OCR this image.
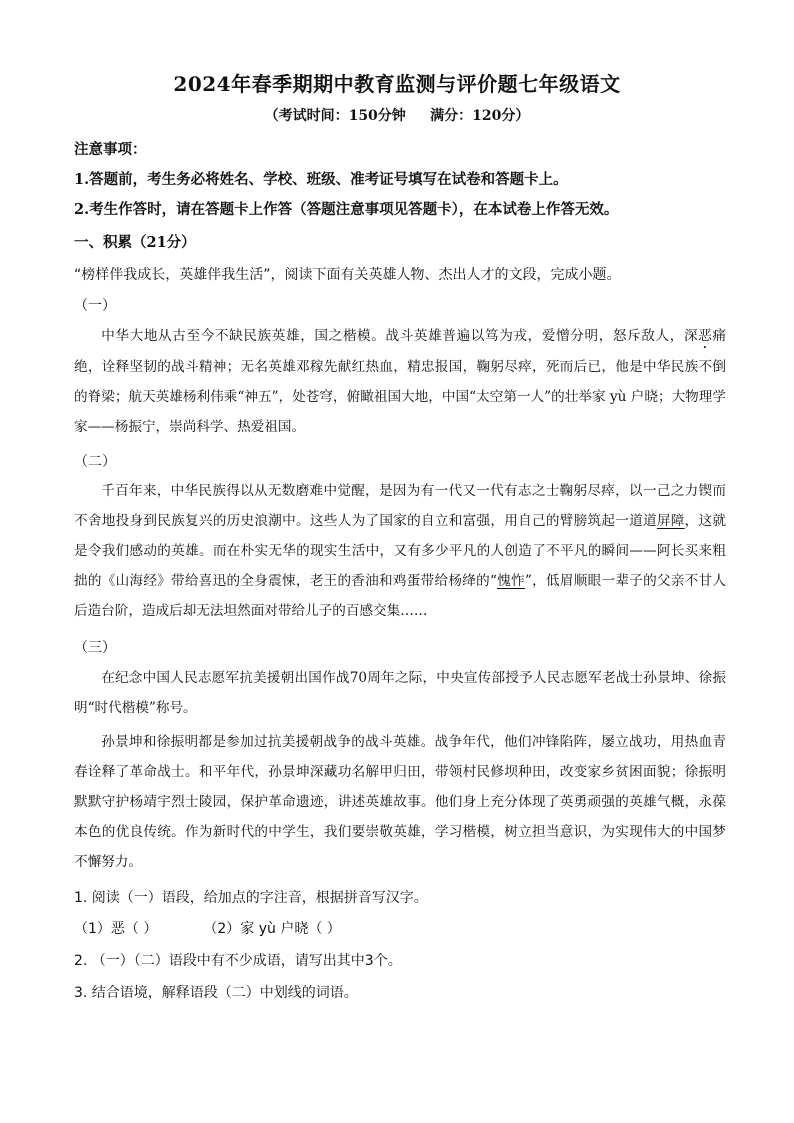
2024年春季期期中教育监测与评价题七年级语文
（考试时间：150分钟     满分：120分）
注意事项：
1.答题前，考生务必将姓名、学校、班级、准考证号填写在试卷和答题卡上。
2.考生作答时，请在答题卡上作答（答题注意事项见答题卡），在本试卷上作答无效。
一、积累（21分）
“榜样伴我成长，英雄伴我生活”，阅读下面有关英雄人物、杰出人才的文段，完成小题。
（一）

中华大地从古至今不缺民族英雄，国之楷模。战斗英雄普遍以笃为戎，爱憎分明，怒斥敌人，深恶痛绝，诠释坚韧的战斗精神；无名英雄邓稼先献红热血，精忠报国，鞠躬尽瘁，死而后已，他是中华民族不倒的脊梁；航天英雄杨利伟乘“神五”，处苍穹，俯瞰祖国大地，中国“太空第一人”的壮举家 yù 户晓；大物理学家——杨振宁，崇尚科学、热爱祖国。

（二）

千百年来，中华民族得以从无数磨难中觉醒，是因为有一代又一代有志之士鞠躬尽瘁，以一己之力锲而不舍地投身到民族复兴的历史浪潮中。这些人为了国家的自立和富强，用自己的臂膀筑起一道道屏障，这就是令我们感动的英雄。而在朴实无华的现实生活中，又有多少平凡的人创造了不平凡的瞬间——阿长买来粗拙的《山海经》带给喜迅的全身震悚，老王的香油和鸡蛋带给杨绛的“愧怍”，低眉顺眼一辈子的父亲不甘人后造台阶，造成后却无法坦然面对带给儿子的百感交集……

（三）

在纪念中国人民志愿军抗美援朝出国作战70周年之际，中央宣传部授予人民志愿军老战士孙景坤、徐振明“时代楷模”称号。

孙景坤和徐振明都是参加过抗美援朝战争的战斗英雄。战争年代，他们冲锋陷阵，屡立战功，用热血青春诠释了革命战士。和平年代，孙景坤深藏功名解甲归田，带领村民修坝种田，改变家乡贫困面貌；徐振明默默守护杨靖宇烈士陵园，保护革命遗迹，讲述英雄故事。他们身上充分体现了英勇顽强的英雄气概，永葆本色的优良传统。作为新时代的中学生，我们要崇敬英雄，学习楷模，树立担当意识，为实现伟大的中国梦不懈努力。

1. 阅读（一）语段，给加点的字注音，根据拼音写汉字。
（1）恶（ ）	（2）家 yù 户晓（ ）
2. （一）（二）语段中有不少成语，请写出其中3个。
3. 结合语境，解释语段（二）中划线的词语。
